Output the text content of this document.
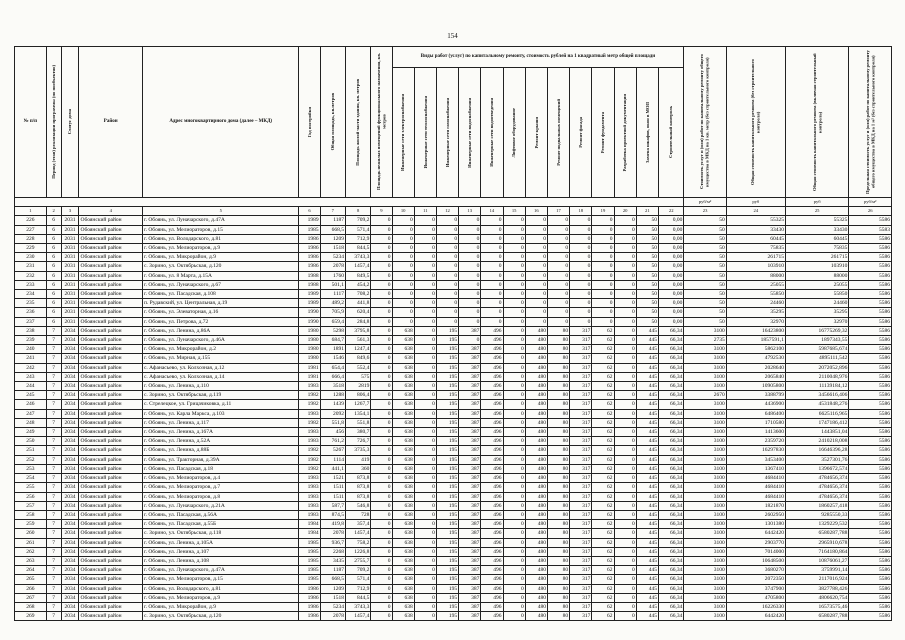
154
№ п/п	Период (этап) реализации программы (по пообъектно)	Статус дома	Район	Адрес многоквартирного дома (далее – МКД)	Год постройки	Общая площадь, кв.метров	Площадь жилой части здания, кв. метров	Площадь нежилых помещений функционального назначения, кв. метров	Виды работ (услуг) по капитальному ремонту, стоимость рублей на 1 квадратный метр общей площади													Стоимость услуг и (или) работ по капитальному ремонту общего имущества в МКД на 1 кв. метр (без строительного контроля)	Общая стоимость капитального ремонта (без строительного контроля)	Общая стоимость капитального ремонта (включая строительный контроль)	Предельная стоимость услуг и (или) работ по капитальному ремонту общего имущества в МКД на 1 м² (без строительного контроля)

									Инженерные сети электроснабжения	Инженерные сети теплоснабжения	Инженерные сети газоснабжения	Инженерные сети водоснабжения	Инженерные сети водоотведения	Лифтовое оборудование	Ремонт крыши	Ремонт подвальных помещений	Ремонт фасада	Ремонт фундамента	Разработка проектной документации	Замена шкафов, окон в МОП	Строительный контроль				

																						руб/м²	руб	руб	руб/м²
1	2	3	4	5	6	7	8	9	10	11	12	13	14	15	16	17	18	19	20	21	22	23	24	25	26
226	6	2031	Обоянский район	г. Обоянь, ул. Луначарского, д.47А	1989	1187	709,2	0	0	0	0	0	0	0	0	0	0	0	0	50	0,00	50	55325	55325	5586
227	6	2031	Обоянский район	г. Обоянь, ул. Мелиораторов, д.15	1985	668,5	571,4	0	0	0	0	0	0	0	0	0	0	0	0	50	0,00	50	33430	33430	5583
228	6	2031	Обоянский район	г. Обоянь, ул. Володарского, д.81	1986	1209	712,9	0	0	0	0	0	0	0	0	0	0	0	0	50	0,00	50	60445	60445	5586
229	6	2031	Обоянский район	г. Обоянь, ул. Мелиораторов, д.9	1986	1518	844,5	0	0	0	0	0	0	0	0	0	0	0	0	50	0,00	50	75835	75835	5586
230	6	2031	Обоянский район	г. Обоянь, ул. Микрорайон, д.9	1986	5234	3743,3	0	0	0	0	0	0	0	0	0	0	0	0	50	0,00	50	261715	261715	5586
231	6	2031	Обоянский район	с. Зорино, ул. Октябрьская, д.120	1986	2078	1457,4	0	0	0	0	0	0	0	0	0	0	0	0	50	0,00	50	103910	103910	5586
232	6	2031	Обоянский район	г. Обоянь, ул. 8 Марта, д.15А	1988	1760	849,5	0	0	0	0	0	0	0	0	0	0	0	0	50	0,00	50	88000	88000	5586
233	6	2031	Обоянский район	г. Обоянь, ул. Луначарского, д.67	1988	501,1	454,2	0	0	0	0	0	0	0	0	0	0	0	0	50	0,00	50	25055	25055	5586
234	6	2031	Обоянский район	г. Обоянь, ул. Пасадская, д.108	1989	1117	708,2	0	0	0	0	0	0	0	0	0	0	0	0	50	0,00	50	55850	55850	5586
235	6	2031	Обоянский район	п. Рудавский, ул. Центральная, д.19	1989	489,2	441,8	0	0	0	0	0	0	0	0	0	0	0	0	50	0,00	50	24460	24460	5586
236	6	2031	Обоянский район	г. Обоянь, ул. Элеваторная, д.16	1990	705,9	620,4	0	0	0	0	0	0	0	0	0	0	0	0	50	0,00	50	35295	35295	5586
237	6	2031	Обоянский район	г. Обоянь, ул. Петрова, д.72	1990	659,4	284,8	0	0	0	0	0	0	0	0	0	0	0	0	50	0,00	50	32970	32970	5586
238	7	2034	Обоянский район	г. Обоянь, ул. Ленина, д.86А	1980	5298	3795,8	0	638	0	195	387	496	0	480	80	317	62	0	445	66,34	3100	16423800	16775269,32	5586
239	7	2034	Обоянский район	г. Обоянь, ул. Луначарского, д.46А	1980	684,7	561,3	0	638	0	195	0	496	0	480	80	317	62	0	445	66,34	2735	1857591,1	1897343,55	5586
240	7	2034	Обоянский район	г. Обоянь, ул. Микрорайон, д.2	1980	1891	1247,4	0	638	0	195	387	496	0	480	80	317	62	0	445	66,34	3100	5862100	5987685,674	5586
241	7	2034	Обоянский район	г. Обоянь, ул. Мирная, д.155	1980	1546	849,6	0	638	0	195	387	496	0	480	80	317	62	0	445	66,34	3100	4792530	4895111,542	5586
242	7	2034	Обоянский район	с. Афанасьево, ул. Колхозная, д.12	1981	654,4	552,4	0	638	0	195	387	496	0	480	80	317	62	0	445	66,34	3100	2028640	2072052,896	5586
243	7	2034	Обоянский район	с. Афанасьево, ул. Колхозная, д.14	1981	666,4	575	0	638	0	195	387	496	0	480	80	317	62	0	445	66,34	3100	2065840	2110048,976	5586
244	7	2034	Обоянский район	г. Обоянь, ул. Ленина, д.110	1983	3518	2819	0	638	0	195	387	496	0	480	80	317	62	0	445	66,34	3100	10905800	11139184,12	5586
245	7	2034	Обоянский район	с. Зорино, ул. Октябрьская, д.119	1982	1288	806,4	0	638	0	195	387	496	0	480	80	317	62	0	445	66,34	2670	3388799	3456616,406	5586
246	7	2034	Обоянский район	с. Стрелецкое, ул. Грицачиковка, д.11	1982	1439	1267,7	0	638	0	195	387	496	0	480	80	317	62	0	445	66,34	3100	4436900	4531848,276	5586
247	7	2034	Обоянский район	г. Обоянь, ул. Карла Маркса, д.103	1983	2092	1354,1	0	638	0	195	387	496	0	480	80	317	62	0	445	66,34	3100	6486400	6625116,965	5586
248	7	2034	Обоянский район	г. Обоянь, ул. Ленина, д.117	1982	551,8	551,8	0	638	0	195	387	496	0	480	80	317	62	0	445	66,34	3100	1710580	1747186,412	5586
249	7	2034	Обоянский район	г. Обоянь, ул. Ленина, д.167А	1983	456	380,7	0	638	0	195	387	496	0	480	80	317	62	0	445	66,34	3100	1413600	1443851,04	5586
250	7	2034	Обоянский район	г. Обоянь, ул. Ленина, д.52А	1983	761,2	726,7	0	638	0	195	387	496	0	480	80	317	62	0	445	66,34	3100	2359720	2410218,008	5586
251	7	2034	Обоянский район	г. Обоянь, ул. Ленина, д.88Б	1982	5267	3735,3	0	638	0	195	387	496	0	480	80	317	62	0	445	66,34	3100	16297830	16646396,28	5586
252	7	2034	Обоянский район	г. Обоянь, ул. Тракторная, д.39А	1982	1114	419	0	638	0	195	387	496	0	480	80	317	62	0	445	66,34	3100	3453400	3527301,76	5586
253	7	2034	Обоянский район	г. Обоянь, ул. Пасадская, д.18	1982	441,1	360	0	638	0	195	387	496	0	480	80	317	62	0	445	66,34	3100	1367410	1396672,574	5586
254	7	2034	Обоянский район	г. Обоянь, ул. Мелиораторов, д.4	1983	1521	873,8	0	638	0	195	387	496	0	480	80	317	62	0	445	66,34	3100	4684410	4784656,374	5586
255	7	2034	Обоянский район	г. Обоянь, ул. Мелиораторов, д.7	1983	1511	873,8	0	638	0	195	387	496	0	480	80	317	62	0	445	66,34	3100	4684410	4784656,374	5586
256	7	2034	Обоянский район	г. Обоянь, ул. Мелиораторов, д.8	1983	1511	873,8	0	638	0	195	387	496	0	480	80	317	62	0	445	66,34	3100	4684410	4784656,374	5586
257	7	2034	Обоянский район	г. Обоянь, ул. Луначарского, д.21А	1983	587,7	546,8	0	638	0	195	387	496	0	480	80	317	62	0	445	66,34	3100	1821870	1860257,418	5586
258	7	2034	Обоянский район	г. Обоянь, ул. Пасадская, д.56А	1983	874,5	728	0	638	0	195	387	496	0	480	80	317	62	0	445	66,34	3100	2602950	9285550,33	5586
259	7	2034	Обоянский район	г. Обоянь, ул. Пасадская, д.55Б	1984	419,8	357,4	0	638	0	195	387	496	0	480	80	317	62	0	445	66,34	3100	1301380	1329229,532	5586
260	7	2034	Обоянский район	с. Зорино, ул. Октябрьская, д.118	1984	2078	1457,4	0	638	0	195	387	496	0	480	80	317	62	0	445	66,34	3100	6442420	6580287,788	5586
261	7	2034	Обоянский район	г. Обоянь, ул. Ленина, д.105А	1985	936,7	758,2	0	638	0	195	387	496	0	480	80	317	62	0	445	66,34	3100	2903770	2965910,678	5586
262	7	2034	Обоянский район	г. Обоянь, ул. Ленина, д.107	1985	2268	1226,8	0	638	0	195	387	496	0	480	80	317	62	0	445	66,34	3100	7014000	7164180,864	5586
263	7	2034	Обоянский район	г. Обоянь, ул. Ленина, д.108	1985	3435	2755,7	0	638	0	195	387	496	0	480	80	317	62	0	445	66,34	3100	10648500	10876061,27	5586
264	7	2034	Обоянский район	г. Обоянь, ул. Луначарского, д.47А	1985	1187	709,2	0	638	0	195	387	496	0	480	80	317	62	0	445	66,34	3100	3680270	3759991,14	5586
265	7	2034	Обоянский район	г. Обоянь, ул. Мелиораторов, д.15	1985	668,5	571,4	0	638	0	195	387	496	0	480	80	317	62	0	445	66,34	3100	2072350	2117016,924	5586
266	7	2034	Обоянский район	г. Обоянь, ул. Володарского, д.81	1986	1209	712,9	0	638	0	195	387	496	0	480	80	317	62	0	445	66,34	3100	3747900	3827788,426	5586
267	7	2034	Обоянский район	г. Обоянь, ул. Мелиораторов, д.9	1986	1518	844,5	0	638	0	195	387	496	0	480	80	317	62	0	445	66,34	3100	4705800	4806620,754	5586
268	7	2034	Обоянский район	г. Обоянь, ул. Микрорайон, д.9	1986	5234	3743,3	0	638	0	195	387	496	0	480	80	317	62	0	445	66,34	3100	16226330	16573575,46	5586
269	7	2034	Обоянский район	с. Зорино, ул. Октябрьская, д.120	1986	2078	1457,4	0	638	0	195	387	496	0	480	80	317	62	0	445	66,34	3100	6442420	6580287,788	5586
